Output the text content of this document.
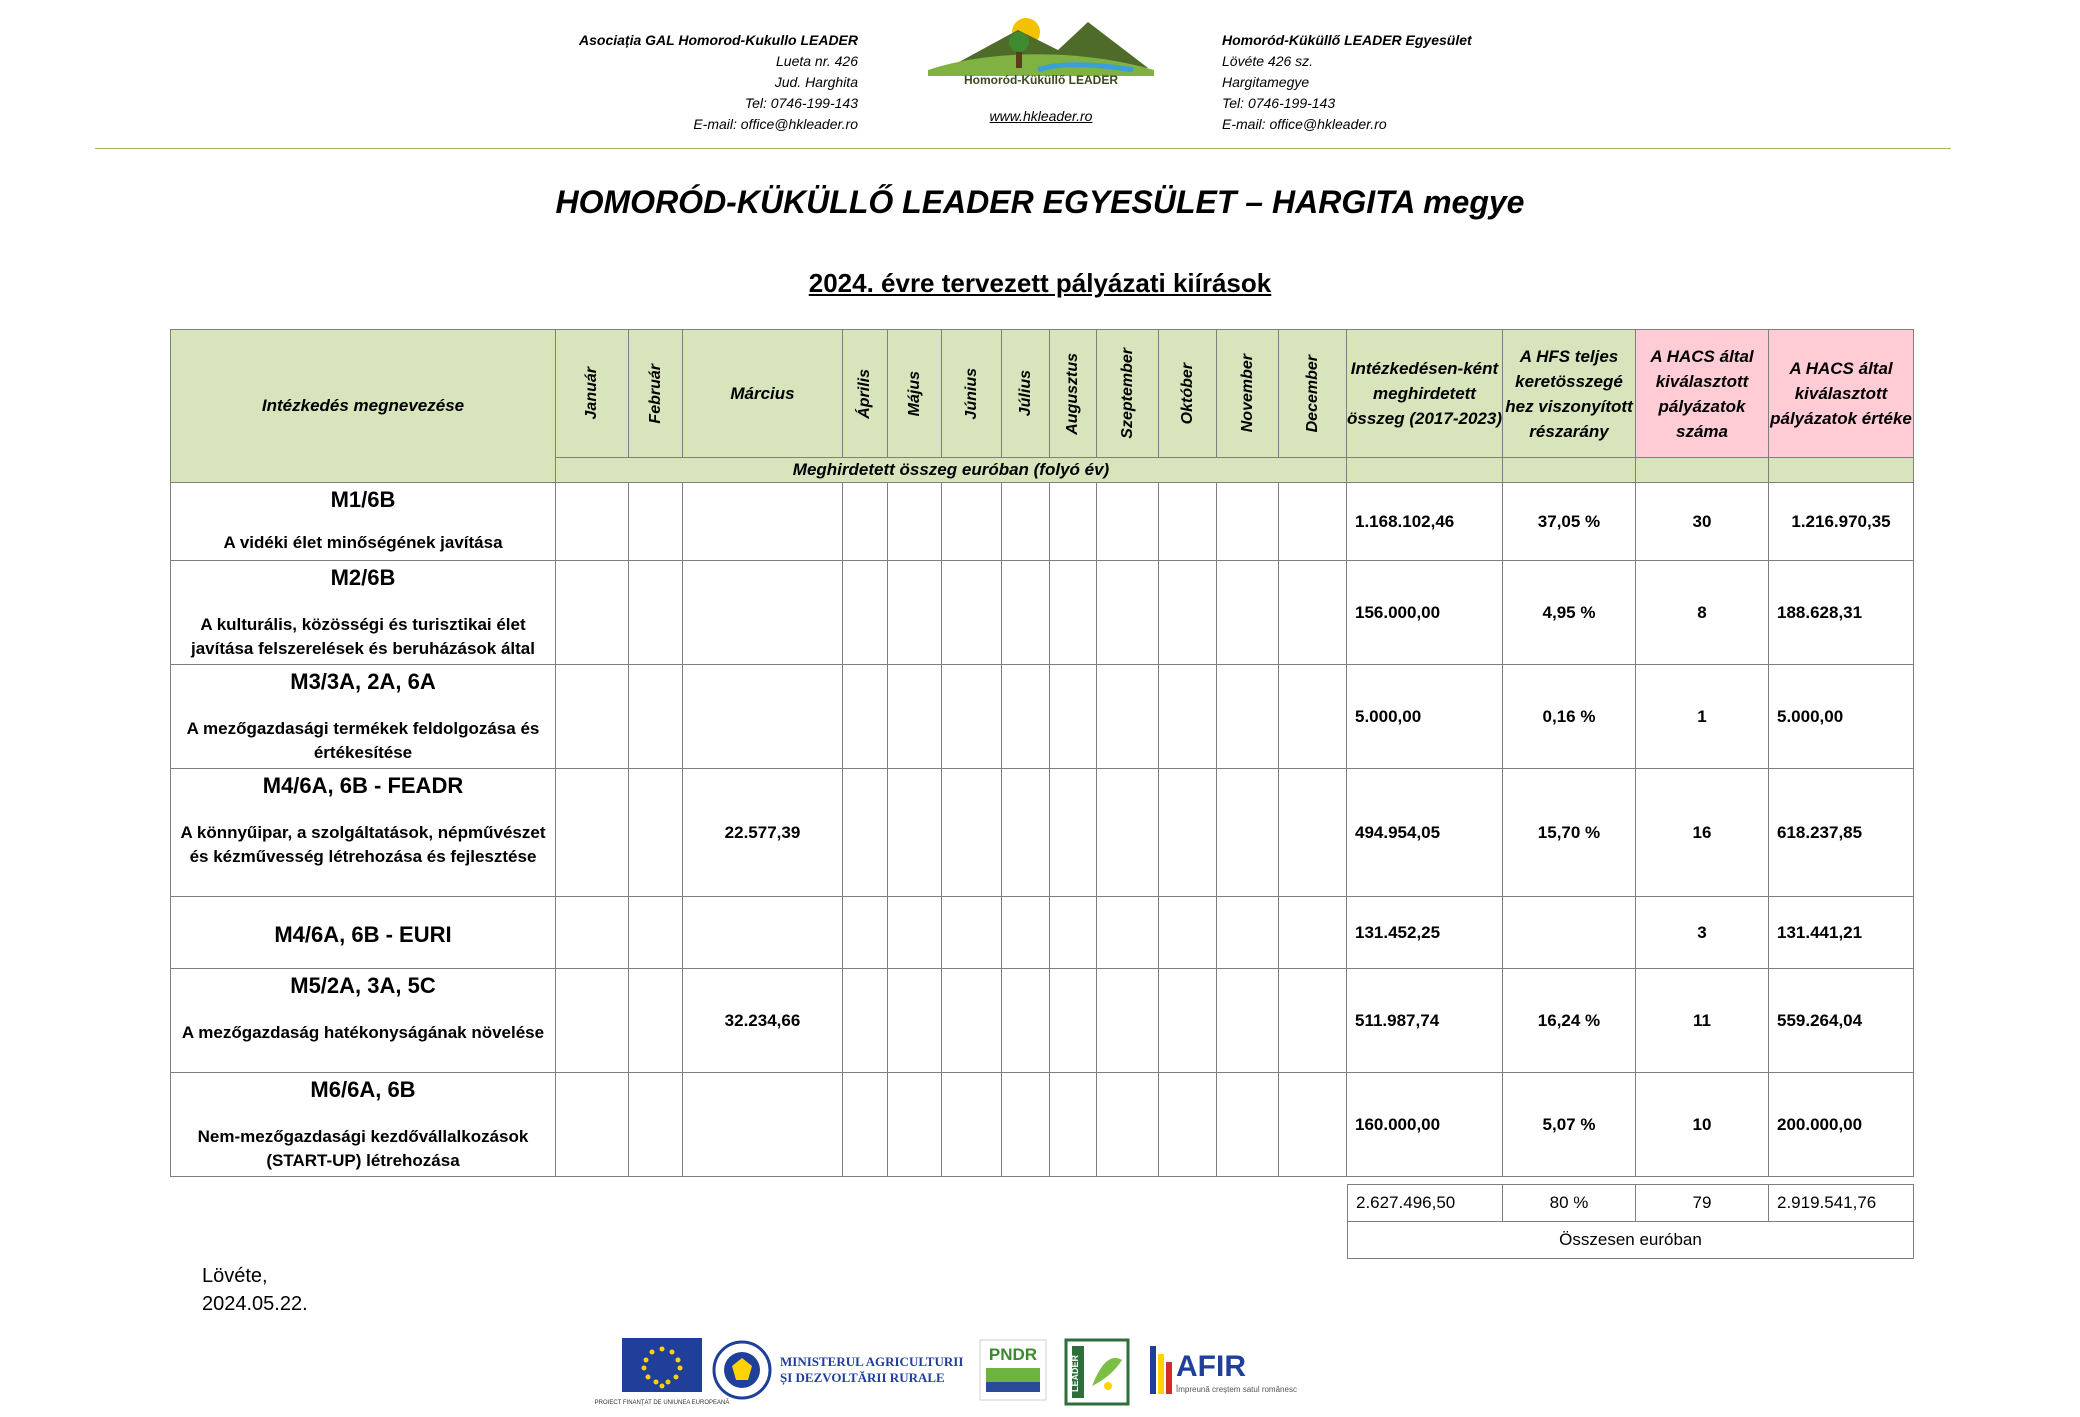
Asociația GAL Homorod-Kukullo LEADER
Lueta nr. 426
Jud. Harghita
Tel: 0746-199-143
E-mail: office@hkleader.ro
Homoród-Küküllő LEADER
www.hkleader.ro
Homoród-Küküllő LEADER Egyesület
Lövéte 426 sz.
Hargitamegye
Tel: 0746-199-143
E-mail: office@hkleader.ro
HOMORÓD-KÜKÜLLŐ LEADER EGYESÜLET – HARGITA megye
2024. évre tervezett pályázati kiírások
Intézkedés megnevezése	Január	Február	Március	Április	Május	Június	Július	Augusztus	Szeptember	Október	November	December	Intézkedésen-ként meghirdetett összeg (2017-2023)	A HFS teljes keretösszegé hez viszonyított részarány	A HACS által kiválasztott pályázatok száma	A HACS által kiválasztott pályázatok értéke
	Meghirdetett összeg euróban (folyó év)															

M1/6B
A vidéki élet minőségének javítása													1.168.102,46	37,05 %	30	1.216.970,35

M2/6B
A kulturális, közösségi és turisztikai élet javítása felszerelések és beruházások által													156.000,00	4,95 %	8	188.628,31

M3/3A, 2A, 6A
A mezőgazdasági termékek feldolgozása és értékesítése													5.000,00	0,16 %	1	5.000,00

M4/6A, 6B - FEADR
A könnyűipar, a szolgáltatások, népművészet és kézművesség létrehozása és fejlesztése			22.577,39										494.954,05	15,70 %	16	618.237,85

M4/6A, 6B - EURI													131.452,25		3	131.441,21

M5/2A, 3A, 5C
A mezőgazdaság hatékonyságának növelése			32.234,66										511.987,74	16,24 %	11	559.264,04

M6/6A, 6B
Nem-mezőgazdasági kezdővállalkozások (START-UP) létrehozása													160.000,00	5,07 %	10	200.000,00
2.627.496,50	80 %	79	2.919.541,76
Összesen euróban
Lövéte,
2024.05.22.
PROIECT FINANȚAT DE UNIUNEA EUROPEANĂ
MINISTERUL AGRICULTURII ȘI DEZVOLTĂRII RURALE
PNDR
LEADER	AFIR
Împreună creștem satul românesc
